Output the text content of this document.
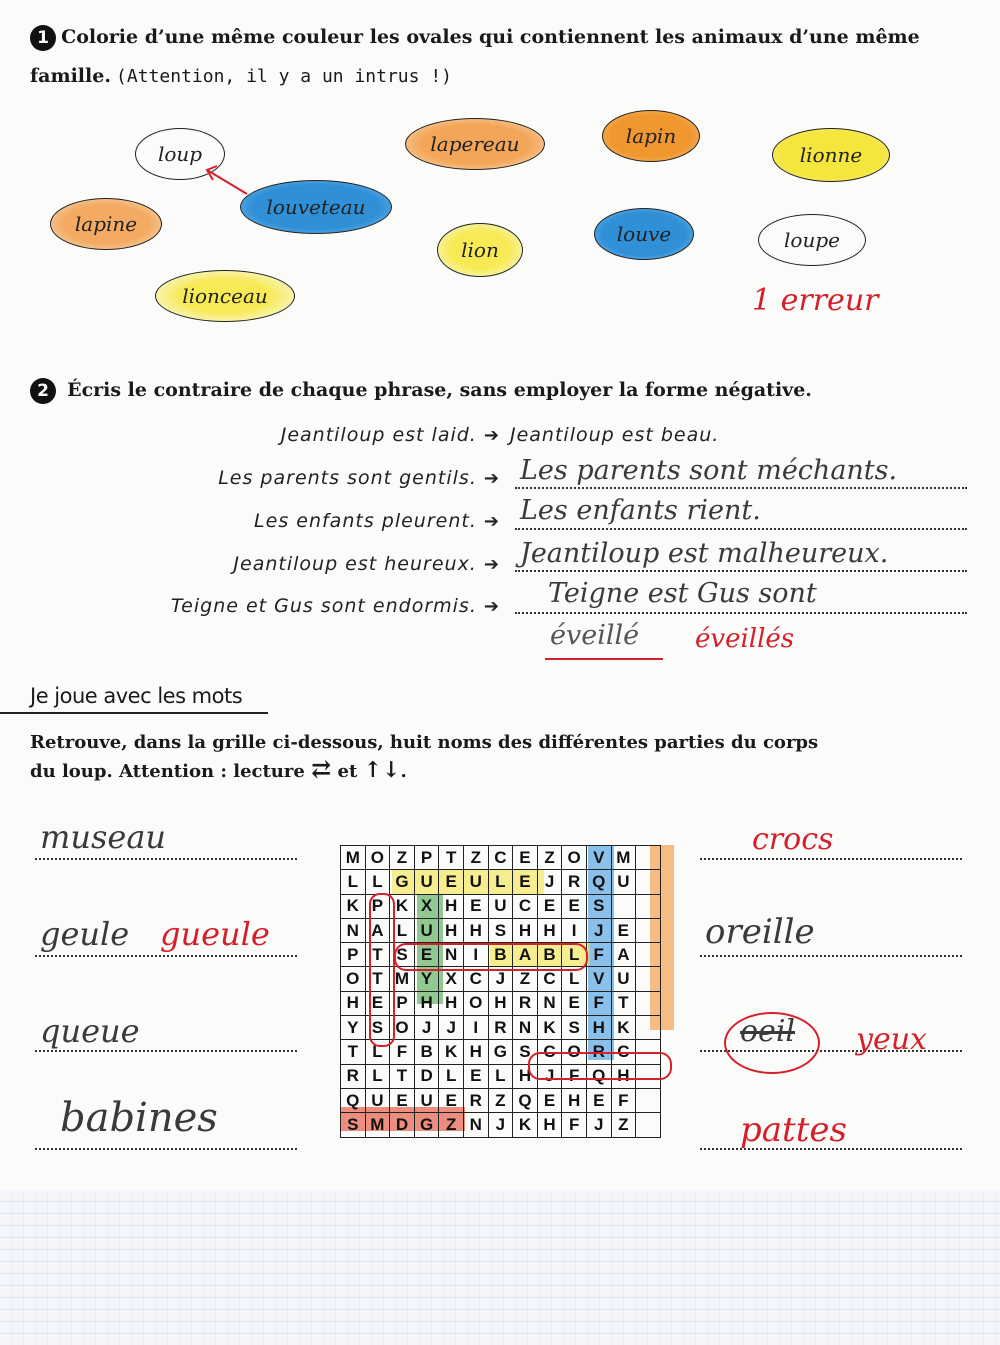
1 Colorie d’une même couleur les ovales qui contiennent les animaux d’une même famille. (Attention, il y a un intrus !)
loup	lapereau	lapin
lionne
louveteau
lapine
lion
louve	loupe
lionceau	1 erreur
2 Écris le contraire de chaque phrase, sans employer la forme négative.
Jeantiloup est laid. ➔ Jeantiloup est beau.
Les parents sont gentils. ➔ Les parents sont méchants.
Les enfants pleurent. ➔ Les enfants rient.
Jeantiloup est heureux. ➔ Jeantiloup est malheureux.
Teigne et Gus sont endormis. ➔ Teigne est Gus sont
éveillé éveillés
Je joue avec les mots
Retrouve, dans la grille ci-dessous, huit noms des différentes parties du corps
du loup. Attention : lecture ⇄ et ↑↓.
museau
geule gueule
queue
babines
crocs
oreille
oeil yeux
pattes
M O Z P T Z C E Z O V M
L L G U E U L E J R Q U
K P K X H E U C E E S
N A L U H H S H H I	J E
P T S E N I B A B L F A
O T M Y X C J Z C L V U
H E P H H O H R N E F T
Y S O J J	I R N K S H K
T L F B K H G S C O R C
R L T D L E L H J F Q H
Q U E U E R Z Q E H E F
S M D G Z N J K H F J Z
